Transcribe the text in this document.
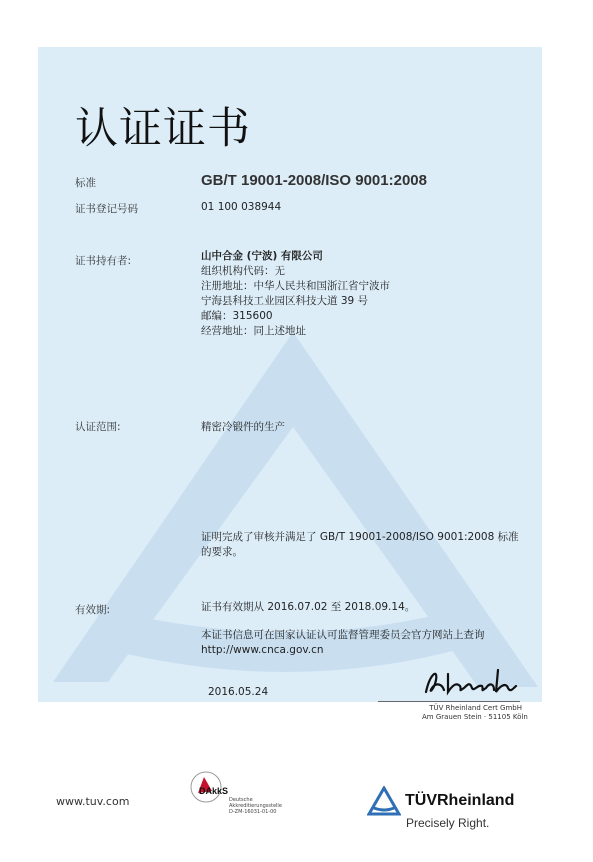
认证证书
标准	GB/T 19001-2008/ISO 9001:2008
证书登记号码	01 100 038944
证书持有者:	山中合金 (宁波) 有限公司
组织机构代码：无
注册地址：中华人民共和国浙江省宁波市
宁海县科技工业园区科技大道 39 号
邮编：315600
经营地址：同上述地址
认证范围:	精密冷锻件的生产
证明完成了审核并满足了 GB/T 19001-2008/ISO 9001:2008 标准
的要求。
有效期:	证书有效期从 2016.07.02 至 2018.09.14。
本证书信息可在国家认证认可监督管理委员会官方网站上查询
http://www.cnca.gov.cn
2016.05.24
TÜV Rheinland Cert GmbH
Am Grauen Stein · 51105 Köln
www.tuv.com
DAkkS
Deutsche
Akkreditierungsstelle
D-ZM-16031-01-00
TÜVRheinland
Precisely Right.
